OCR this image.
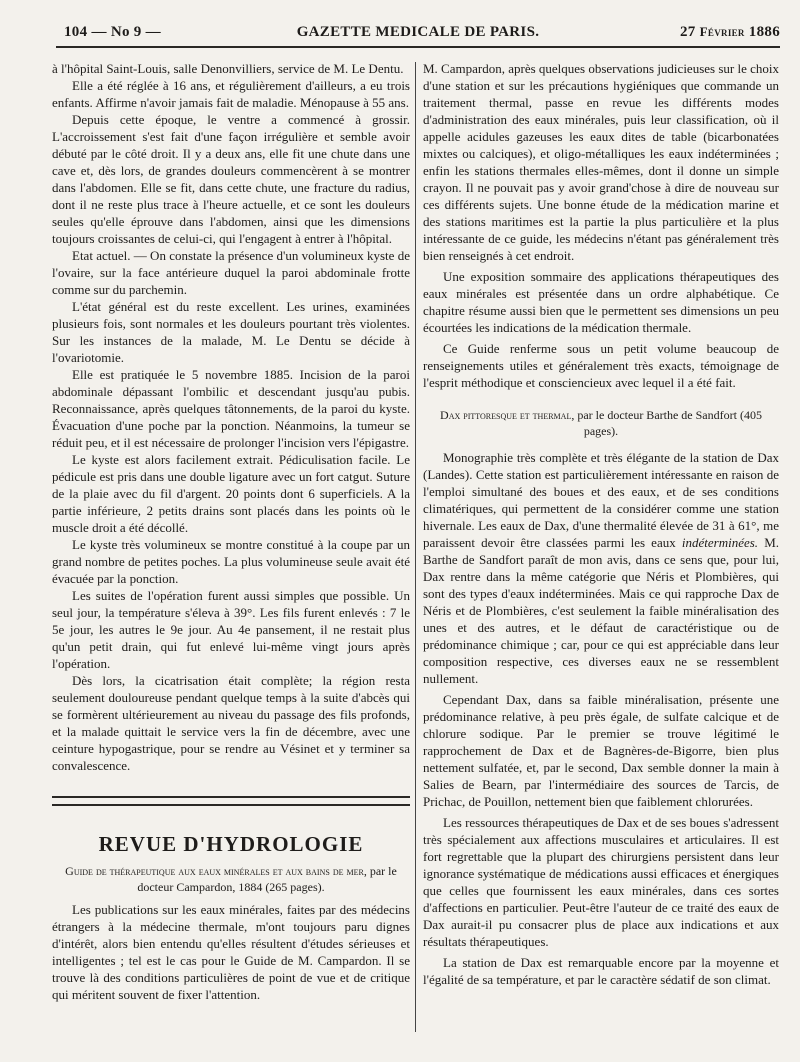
104 — No 9 —	GAZETTE MEDICALE DE PARIS.	27 Février 1886

à l'hôpital Saint-Louis, salle Denonvilliers, service de M. Le Dentu.

Elle a été réglée à 16 ans, et régulièrement d'ailleurs, a eu trois enfants. Affirme n'avoir jamais fait de maladie. Ménopause à 55 ans.

Depuis cette époque, le ventre a commencé à grossir. L'accroissement s'est fait d'une façon irrégulière et semble avoir débuté par le côté droit. Il y a deux ans, elle fit une chute dans une cave et, dès lors, de grandes douleurs commencèrent à se montrer dans l'abdomen. Elle se fit, dans cette chute, une fracture du radius, dont il ne reste plus trace à l'heure actuelle, et ce sont les douleurs seules qu'elle éprouve dans l'abdomen, ainsi que les dimensions toujours croissantes de celui-ci, qui l'engagent à entrer à l'hôpital.

Etat actuel. — On constate la présence d'un volumineux kyste de l'ovaire, sur la face antérieure duquel la paroi abdominale frotte comme sur du parchemin.

L'état général est du reste excellent. Les urines, examinées plusieurs fois, sont normales et les douleurs pourtant très violentes. Sur les instances de la malade, M. Le Dentu se décide à l'ovariotomie.

Elle est pratiquée le 5 novembre 1885. Incision de la paroi abdominale dépassant l'ombilic et descendant jusqu'au pubis. Reconnaissance, après quelques tâtonnements, de la paroi du kyste. Évacuation d'une poche par la ponction. Néanmoins, la tumeur se réduit peu, et il est nécessaire de prolonger l'incision vers l'épigastre.

Le kyste est alors facilement extrait. Pédiculisation facile. Le pédicule est pris dans une double ligature avec un fort catgut. Suture de la plaie avec du fil d'argent. 20 points dont 6 superficiels. A la partie inférieure, 2 petits drains sont placés dans les points où le muscle droit a été décollé.

Le kyste très volumineux se montre constitué à la coupe par un grand nombre de petites poches. La plus volumineuse seule avait été évacuée par la ponction.

Les suites de l'opération furent aussi simples que possible. Un seul jour, la température s'éleva à 39°. Les fils furent enlevés : 7 le 5e jour, les autres le 9e jour. Au 4e pansement, il ne restait plus qu'un petit drain, qui fut enlevé lui-même vingt jours après l'opération.

Dès lors, la cicatrisation était complète; la région resta seulement douloureuse pendant quelque temps à la suite d'abcès qui se formèrent ultérieurement au niveau du passage des fils profonds, et la malade quittait le service vers la fin de décembre, avec une ceinture hypogastrique, pour se rendre au Vésinet et y terminer sa convalescence.

REVUE D'HYDROLOGIE
Guide de thérapeutique aux eaux minérales et aux bains de mer, par le docteur Campardon, 1884 (265 pages).

Les publications sur les eaux minérales, faites par des médecins étrangers à la médecine thermale, m'ont toujours paru dignes d'intérêt, alors bien entendu qu'elles résultent d'études sérieuses et intelligentes ; tel est le cas pour le Guide de M. Campardon. Il se trouve là des conditions particulières de point de vue et de critique qui méritent souvent de fixer l'attention.

M. Campardon, après quelques observations judicieuses sur le choix d'une station et sur les précautions hygiéniques que commande un traitement thermal, passe en revue les différents modes d'administration des eaux minérales, puis leur classification, où il appelle acidules gazeuses les eaux dites de table (bicarbonatées mixtes ou calciques), et oligo-métalliques les eaux indéterminées ; enfin les stations thermales elles-mêmes, dont il donne un simple crayon. Il ne pouvait pas y avoir grand'chose à dire de nouveau sur ces différents sujets. Une bonne étude de la médication marine et des stations maritimes est la partie la plus particulière et la plus intéressante de ce guide, les médecins n'étant pas généralement très bien renseignés à cet endroit.

Une exposition sommaire des applications thérapeutiques des eaux minérales est présentée dans un ordre alphabétique. Ce chapitre résume aussi bien que le permettent ses dimensions un peu écourtées les indications de la médication thermale.

Ce Guide renferme sous un petit volume beaucoup de renseignements utiles et généralement très exacts, témoignage de l'esprit méthodique et consciencieux avec lequel il a été fait.

Dax pittoresque et thermal, par le docteur Barthe de Sandfort (405 pages).

Monographie très complète et très élégante de la station de Dax (Landes). Cette station est particulièrement intéressante en raison de l'emploi simultané des boues et des eaux, et de ses conditions climatériques, qui permettent de la considérer comme une station hivernale. Les eaux de Dax, d'une thermalité élevée de 31 à 61°, me paraissent devoir être classées parmi les eaux indéterminées. M. Barthe de Sandfort paraît de mon avis, dans ce sens que, pour lui, Dax rentre dans la même catégorie que Néris et Plombières, qui sont des types d'eaux indéterminées. Mais ce qui rapproche Dax de Néris et de Plombières, c'est seulement la faible minéralisation des unes et des autres, et le défaut de caractéristique ou de prédominance chimique ; car, pour ce qui est appréciable dans leur composition respective, ces diverses eaux ne se ressemblent nullement.

Cependant Dax, dans sa faible minéralisation, présente une prédominance relative, à peu près égale, de sulfate calcique et de chlorure sodique. Par le premier se trouve légitimé le rapprochement de Dax et de Bagnères-de-Bigorre, bien plus nettement sulfatée, et, par le second, Dax semble donner la main à Salies de Bearn, par l'intermédiaire des sources de Tarcis, de Prichac, de Pouillon, nettement bien que faiblement chlorurées.

Les ressources thérapeutiques de Dax et de ses boues s'adressent très spécialement aux affections musculaires et articulaires. Il est fort regrettable que la plupart des chirurgiens persistent dans leur ignorance systématique de médications aussi efficaces et énergiques que celles que fournissent les eaux minérales, dans ces sortes d'affections en particulier. Peut-être l'auteur de ce traité des eaux de Dax aurait-il pu consacrer plus de place aux indications et aux résultats thérapeutiques.

La station de Dax est remarquable encore par la moyenne et l'égalité de sa température, et par le caractère sédatif de son climat.
